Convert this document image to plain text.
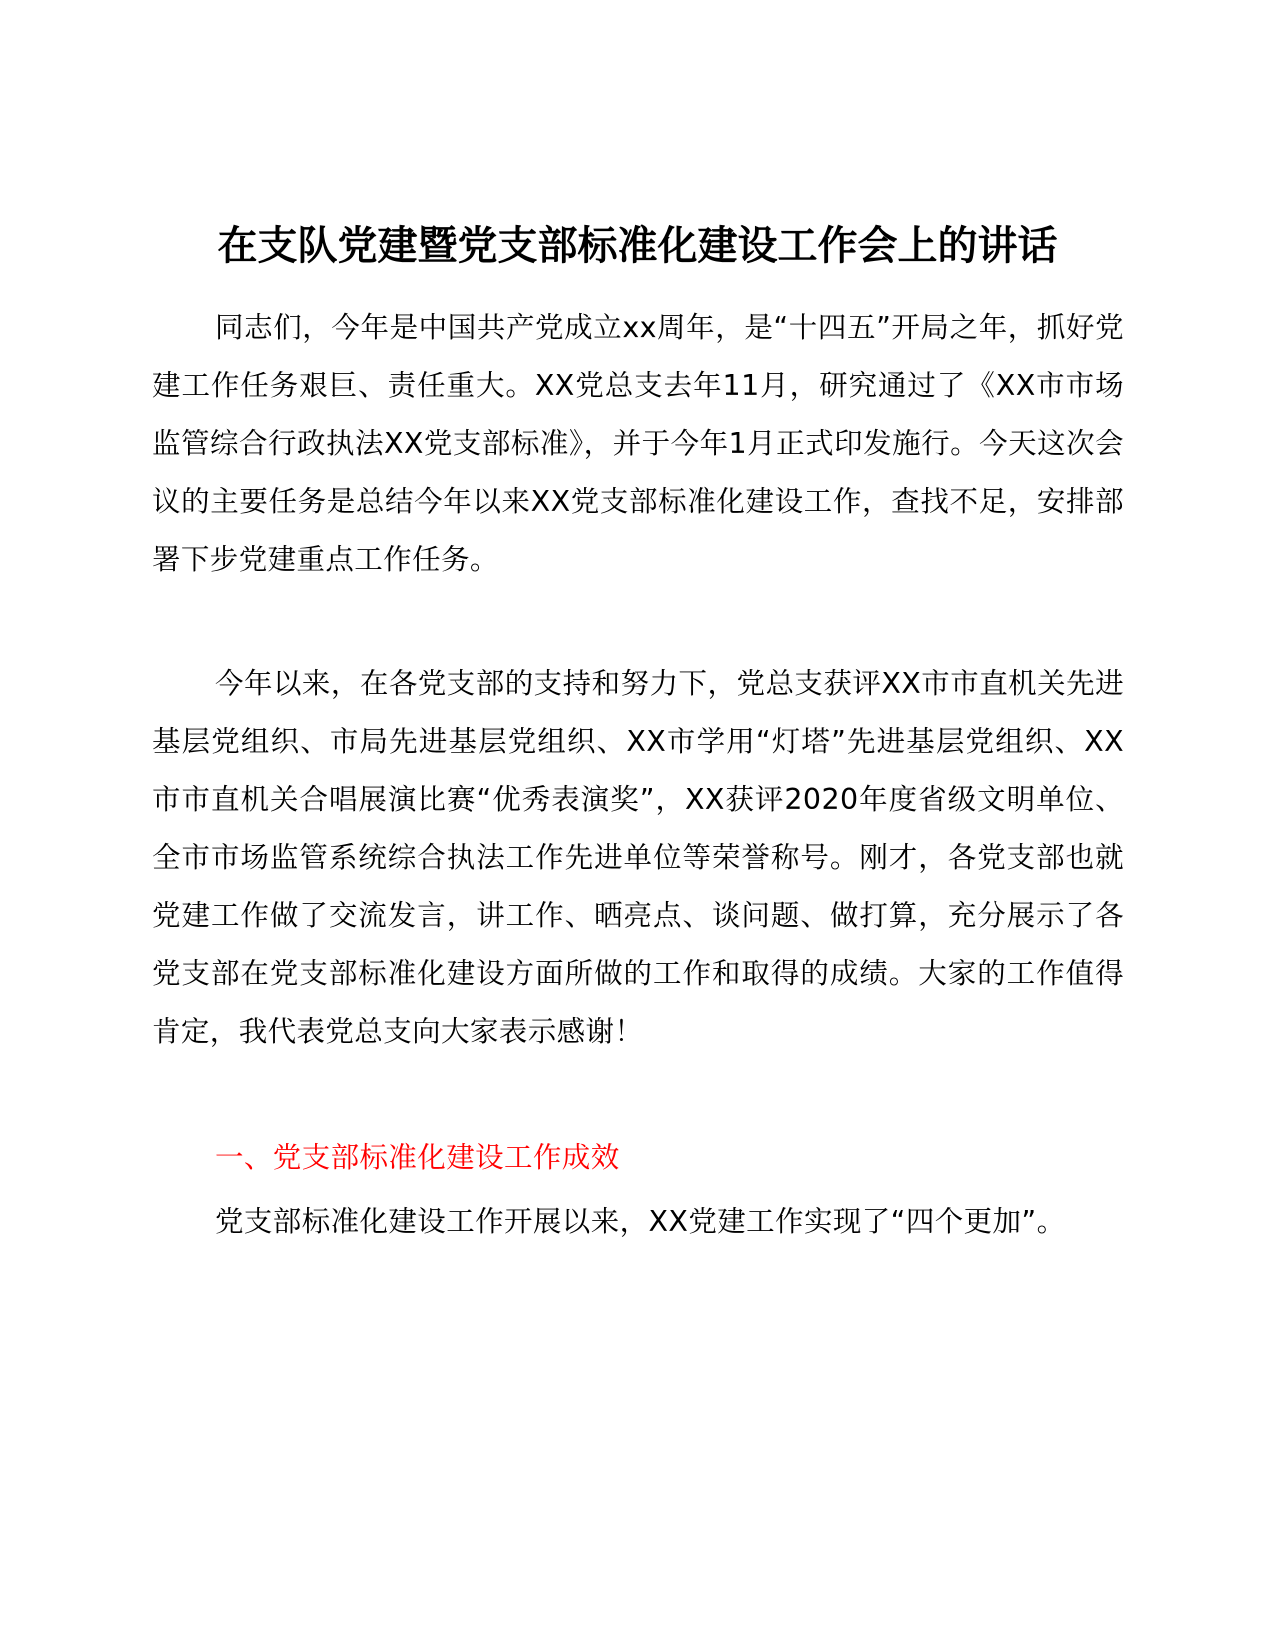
在支队党建暨党支部标准化建设工作会上的讲话

同志们，今年是中国共产党成立xx周年，是“十四五”开局之年，抓好党建工作任务艰巨、责任重大。XX党总支去年11月，研究通过了《XX市市场监管综合行政执法XX党支部标准》，并于今年1月正式印发施行。今天这次会议的主要任务是总结今年以来XX党支部标准化建设工作，查找不足，安排部署下步党建重点工作任务。

今年以来，在各党支部的支持和努力下，党总支获评XX市市直机关先进基层党组织、市局先进基层党组织、XX市学用“灯塔”先进基层党组织、XX市市直机关合唱展演比赛“优秀表演奖”，XX获评2020年度省级文明单位、全市市场监管系统综合执法工作先进单位等荣誉称号。刚才，各党支部也就党建工作做了交流发言，讲工作、晒亮点、谈问题、做打算，充分展示了各党支部在党支部标准化建设方面所做的工作和取得的成绩。大家的工作值得肯定，我代表党总支向大家表示感谢！

一、党支部标准化建设工作成效

党支部标准化建设工作开展以来，XX党建工作实现了“四个更加”。
